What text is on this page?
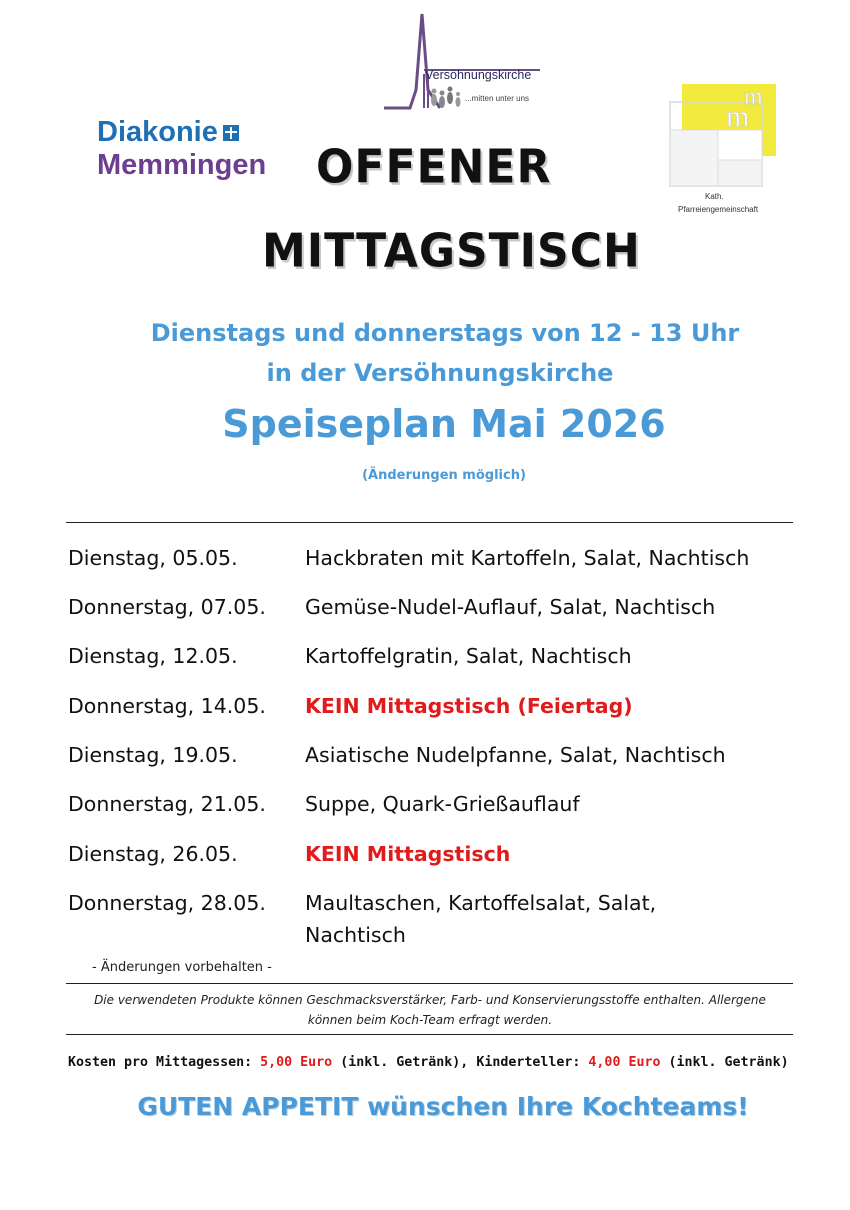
Diakonie
Memmingen
Versöhnungskirche
...mitten unter uns
m
m
Kath.
Pfarreiengemeinschaft
OFFENER
MITTAGSTISCH
Dienstags und donnerstags von 12 - 13 Uhr
in der Versöhnungskirche
Speiseplan Mai 2026
(Änderungen möglich)
Dienstag, 05.05.	Hackbraten mit Kartoffeln, Salat, Nachtisch
Donnerstag, 07.05. Gemüse-Nudel-Auflauf, Salat, Nachtisch
Dienstag, 12.05.	Kartoffelgratin, Salat, Nachtisch
Donnerstag, 14.05. KEIN Mittagstisch (Feiertag)
Dienstag, 19.05.	Asiatische Nudelpfanne, Salat, Nachtisch
Donnerstag, 21.05. Suppe, Quark-Grießauflauf
Dienstag, 26.05.	KEIN Mittagstisch
Donnerstag, 28.05. Maultaschen, Kartoffelsalat, Salat, Nachtisch
- Änderungen vorbehalten -
Die verwendeten Produkte können Geschmacksverstärker, Farb- und Konservierungsstoffe enthalten. Allergene
können beim Koch-Team erfragt werden.
Kosten pro Mittagessen: 5,00 Euro (inkl. Getränk), Kinderteller: 4,00 Euro (inkl. Getränk)
GUTEN APPETIT wünschen Ihre Kochteams!
